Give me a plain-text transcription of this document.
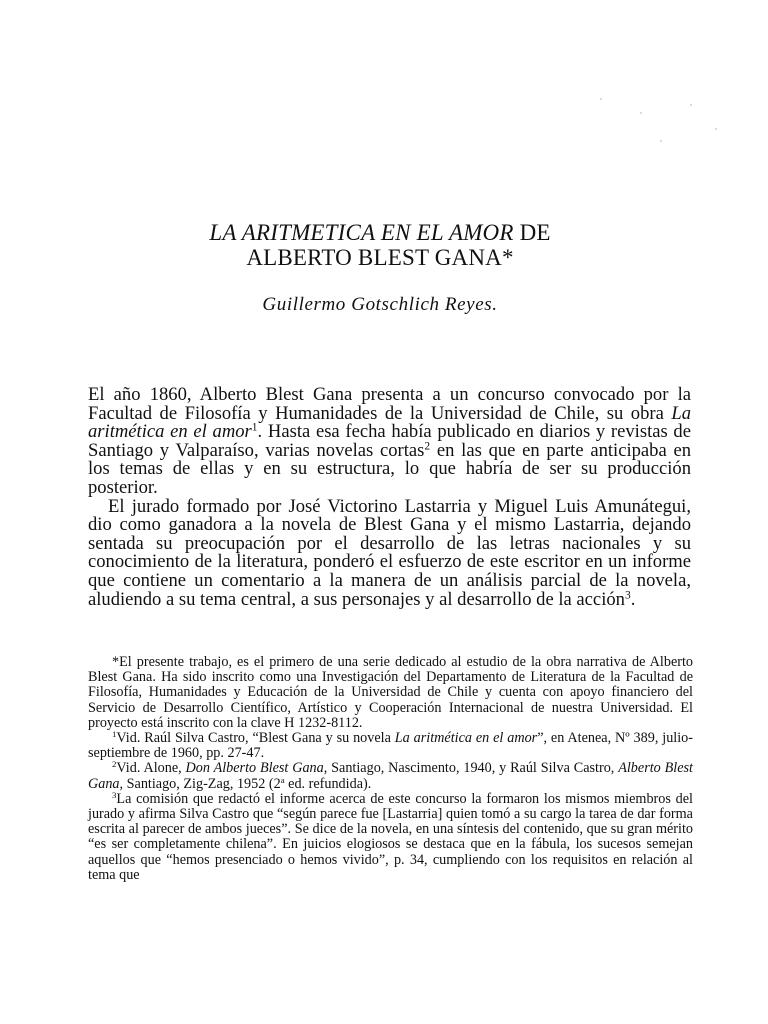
LA ARITMETICA EN EL AMOR DE
ALBERTO BLEST GANA*
Guillermo Gotschlich Reyes.

El año 1860, Alberto Blest Gana presenta a un concurso convocado por la Facultad de Filosofía y Humanidades de la Universidad de Chile, su obra La aritmética en el amor$^1$. Hasta esa fecha había publicado en diarios y revistas de Santiago y Valparaíso, varias novelas cortas$^2$ en las que en parte anticipaba en los temas de ellas y en su estructura, lo que habría de ser su producción posterior.

El jurado formado por José Victorino Lastarria y Miguel Luis Amunátegui, dio como ganadora a la novela de Blest Gana y el mismo Lastarria, dejando sentada su preocupación por el desarrollo de las letras nacionales y su conocimiento de la literatura, ponderó el esfuerzo de este escritor en un informe que contiene un comentario a la manera de un análisis parcial de la novela, aludiendo a su tema central, a sus personajes y al desarrollo de la acción$^3$.

*El presente trabajo, es el primero de una serie dedicado al estudio de la obra narrativa de Alberto Blest Gana. Ha sido inscrito como una Investigación del Departamento de Literatura de la Facultad de Filosofía, Humanidades y Educación de la Universidad de Chile y cuenta con apoyo financiero del Servicio de Desarrollo Científico, Artístico y Cooperación Internacional de nuestra Universidad. El proyecto está inscrito con la clave H 1232-8112.

$^1$Vid. Raúl Silva Castro, “Blest Gana y su novela La aritmética en el amor”, en Atenea, Nº 389, julio-septiembre de 1960, pp. 27-47.

$^2$Vid. Alone, Don Alberto Blest Gana, Santiago, Nascimento, 1940, y Raúl Silva Castro, Alberto Blest Gana, Santiago, Zig-Zag, 1952 (2$^a$ ed. refundida).

$^3$La comisión que redactó el informe acerca de este concurso la formaron los mismos miembros del jurado y afirma Silva Castro que “según parece fue [Lastarria] quien tomó a su cargo la tarea de dar forma escrita al parecer de ambos jueces”. Se dice de la novela, en una síntesis del contenido, que su gran mérito “es ser completamente chilena”. En juicios elogiosos se destaca que en la fábula, los sucesos semejan aquellos que “hemos presenciado o hemos vivido”, p. 34, cumpliendo con los requisitos en relación al tema que
